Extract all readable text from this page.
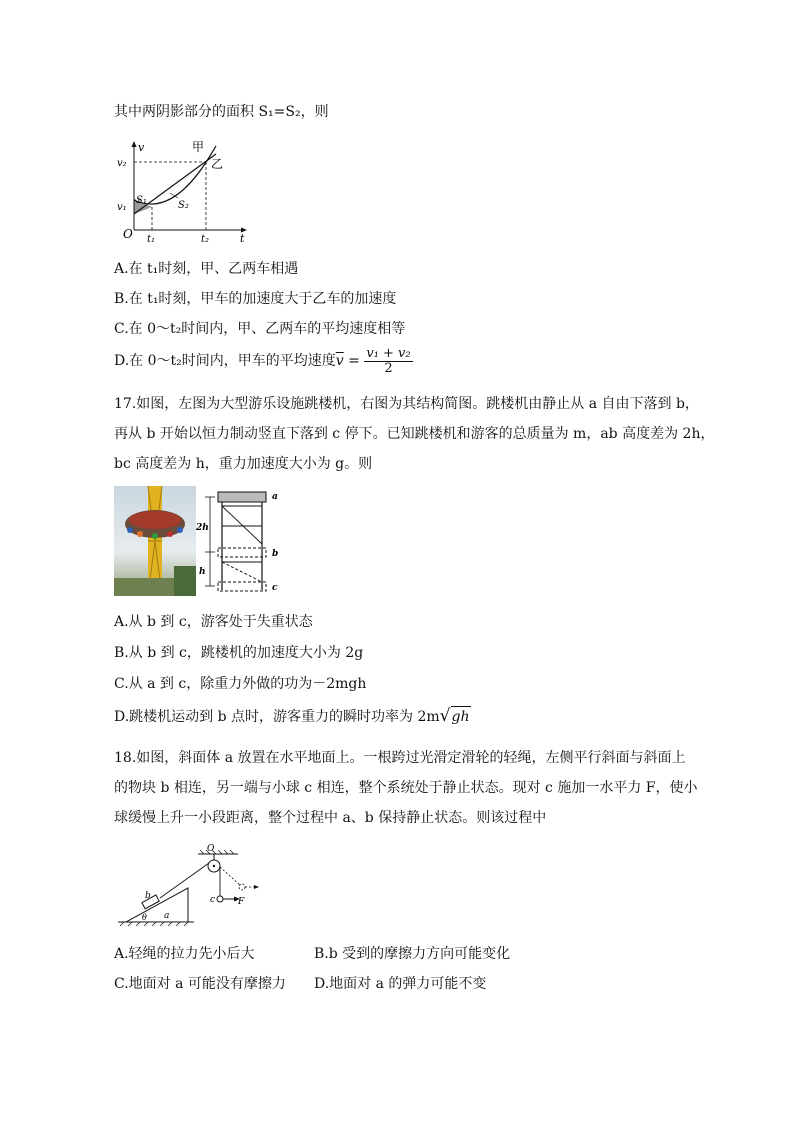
其中两阴影部分的面积 S₁=S₂，则
v
t
O
v₂
v₁
t₁	t₂
甲
乙
S₁	S₂
A.在 t₁时刻，甲、乙两车相遇
B.在 t₁时刻，甲车的加速度大于乙车的加速度
C.在 0～t₂时间内，甲、乙两车的平均速度相等
D.在 0～t₂时间内，甲车的平均速度$\overline{v} = \frac{\text{v₁ + v₂}}{2}$
17.如图，左图为大型游乐设施跳楼机，右图为其结构简图。跳楼机由静止从 a 自由下落到 b，
再从 b 开始以恒力制动竖直下落到 c 停下。已知跳楼机和游客的总质量为 m，ab 高度差为 2h，
bc 高度差为 h，重力加速度大小为 g。则
2h
h
a
b
c
A.从 b 到 c，游客处于失重状态
B.从 b 到 c，跳楼机的加速度大小为 2g
C.从 a 到 c，除重力外做的功为－2mgh
D.跳楼机运动到 b 点时，游客重力的瞬时功率为 2m√gh
18.如图，斜面体 a 放置在水平地面上。一根跨过光滑定滑轮的轻绳，左侧平行斜面与斜面上
的物块 b 相连，另一端与小球 c 相连，整个系统处于静止状态。现对 c 施加一水平力 F，使小
球缓慢上升一小段距离，整个过程中 a、b 保持静止状态。则该过程中
O
a
θ
b	c	F
A.轻绳的拉力先小后大	B.b 受到的摩擦力方向可能变化
C.地面对 a 可能没有摩擦力 D.地面对 a 的弹力可能不变
